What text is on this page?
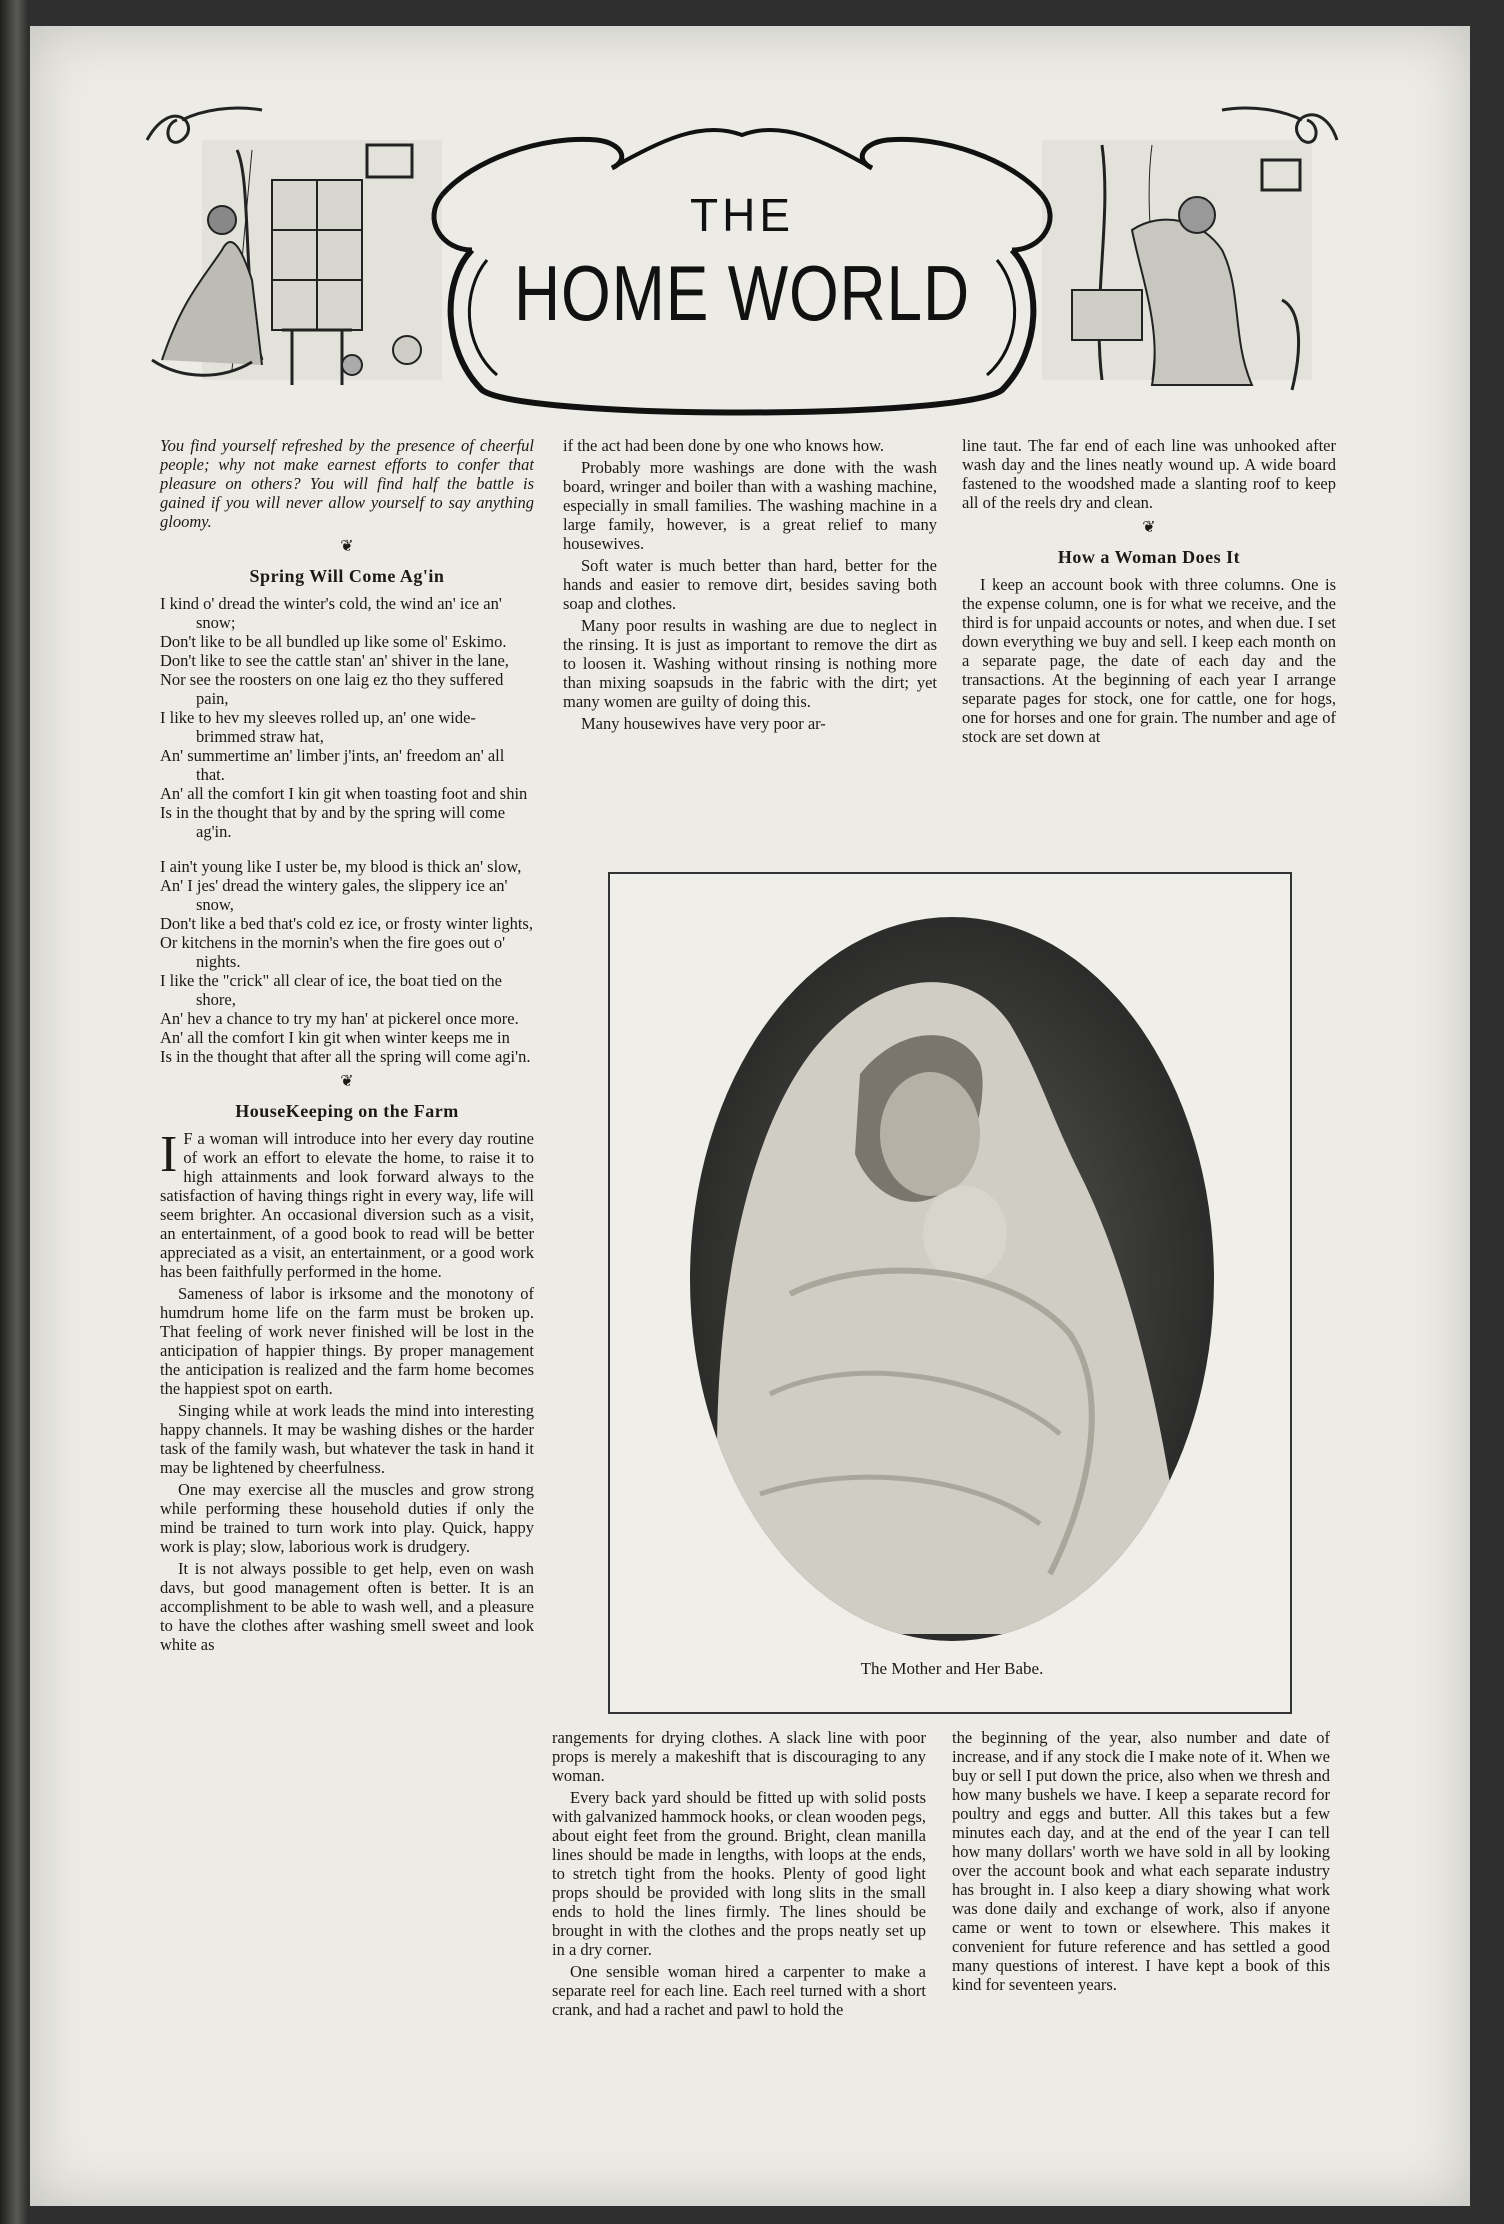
THE
HOME WORLD

You find yourself refreshed by the presence of cheerful people; why not make earnest efforts to confer that pleasure on others? You will find half the battle is gained if you will never allow yourself to say anything gloomy.

❦
Spring Will Come Ag'in
I kind o' dread the winter's cold, the wind an' ice an' snow;
Don't like to be all bundled up like some ol' Eskimo.
Don't like to see the cattle stan' an' shiver in the lane,
Nor see the roosters on one laig ez tho they suffered pain,
I like to hev my sleeves rolled up, an' one wide-brimmed straw hat,
An' summertime an' limber j'ints, an' freedom an' all that.
An' all the comfort I kin git when toasting foot and shin
Is in the thought that by and by the spring will come ag'in.
I ain't young like I uster be, my blood is thick an' slow,
An' I jes' dread the wintery gales, the slippery ice an' snow,
Don't like a bed that's cold ez ice, or frosty winter lights,
Or kitchens in the mornin's when the fire goes out o' nights.
I like the "crick" all clear of ice, the boat tied on the shore,
An' hev a chance to try my han' at pickerel once more.
An' all the comfort I kin git when winter keeps me in
Is in the thought that after all the spring will come agi'n.
❦
HouseKeeping on the Farm

I F a woman will introduce into her every day routine of work an effort to elevate the home, to raise it to high attainments and look forward always to the satisfaction of having things right in every way, life will seem brighter. An occasional diversion such as a visit, an entertainment, of a good book to read will be better appreciated as a visit, an entertainment, or a good work has been faithfully performed in the home.

Sameness of labor is irksome and the monotony of humdrum home life on the farm must be broken up. That feeling of work never finished will be lost in the anticipation of happier things. By proper management the anticipation is realized and the farm home becomes the happiest spot on earth.

Singing while at work leads the mind into interesting happy channels. It may be washing dishes or the harder task of the family wash, but whatever the task in hand it may be lightened by cheerfulness.

One may exercise all the muscles and grow strong while performing these household duties if only the mind be trained to turn work into play. Quick, happy work is play; slow, laborious work is drudgery.

It is not always possible to get help, even on wash davs, but good management often is better. It is an accomplishment to be able to wash well, and a pleasure to have the clothes after washing smell sweet and look white as

if the act had been done by one who knows how.

Probably more washings are done with the wash board, wringer and boiler than with a washing machine, especially in small families. The washing machine in a large family, however, is a great relief to many housewives.

Soft water is much better than hard, better for the hands and easier to remove dirt, besides saving both soap and clothes.

Many poor results in washing are due to neglect in the rinsing. It is just as important to remove the dirt as to loosen it. Washing without rinsing is nothing more than mixing soapsuds in the fabric with the dirt; yet many women are guilty of doing this.

Many housewives have very poor ar-

line taut. The far end of each line was unhooked after wash day and the lines neatly wound up. A wide board fastened to the woodshed made a slanting roof to keep all of the reels dry and clean.

❦
How a Woman Does It

I keep an account book with three columns. One is the expense column, one is for what we receive, and the third is for unpaid accounts or notes, and when due. I set down everything we buy and sell. I keep each month on a separate page, the date of each day and the transactions. At the beginning of each year I arrange separate pages for stock, one for cattle, one for hogs, one for horses and one for grain. The number and age of stock are set down at

The Mother and Her Babe.

rangements for drying clothes. A slack line with poor props is merely a makeshift that is discouraging to any woman.

Every back yard should be fitted up with solid posts with galvanized hammock hooks, or clean wooden pegs, about eight feet from the ground. Bright, clean manilla lines should be made in lengths, with loops at the ends, to stretch tight from the hooks. Plenty of good light props should be provided with long slits in the small ends to hold the lines firmly. The lines should be brought in with the clothes and the props neatly set up in a dry corner.

One sensible woman hired a carpenter to make a separate reel for each line. Each reel turned with a short crank, and had a rachet and pawl to hold the

the beginning of the year, also number and date of increase, and if any stock die I make note of it. When we buy or sell I put down the price, also when we thresh and how many bushels we have. I keep a separate record for poultry and eggs and butter. All this takes but a few minutes each day, and at the end of the year I can tell how many dollars' worth we have sold in all by looking over the account book and what each separate industry has brought in. I also keep a diary showing what work was done daily and exchange of work, also if anyone came or went to town or elsewhere. This makes it convenient for future reference and has settled a good many questions of interest. I have kept a book of this kind for seventeen years.
